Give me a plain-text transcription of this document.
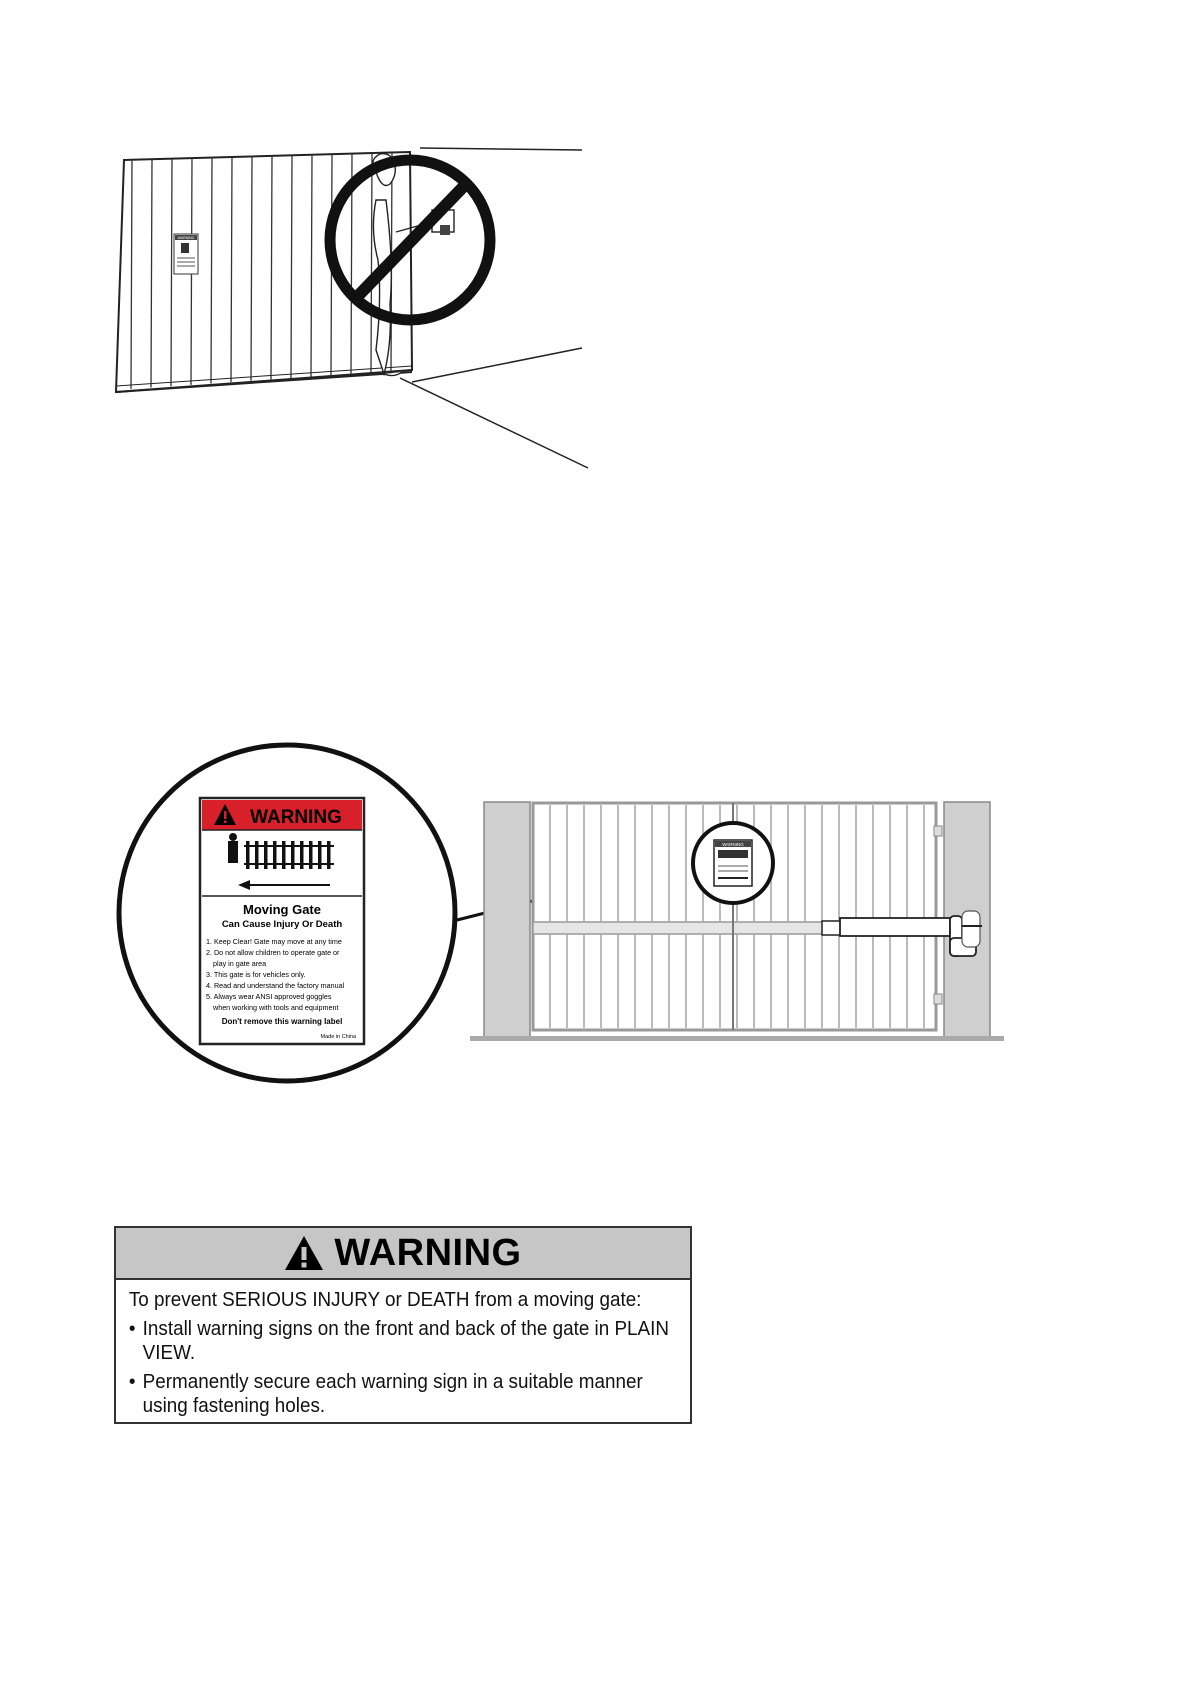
WARNING
WARNING
Moving Gate
Can Cause Injury Or Death
1. Keep Clear! Gate may move at any time
2. Do not allow children to operate gate or
play in gate area
3. This gate is for vehicles only.
4. Read and understand the factory manual
5. Always wear ANSI approved goggles
when working with tools and equipment
Don't remove this warning label
Made in China
WARNING
WARNING
To prevent SERIOUS INJURY or DEATH from a moving gate:
• Install warning signs on the front and back of the gate in PLAIN VIEW.
• Permanently secure each warning sign in a suitable manner using fastening holes.
